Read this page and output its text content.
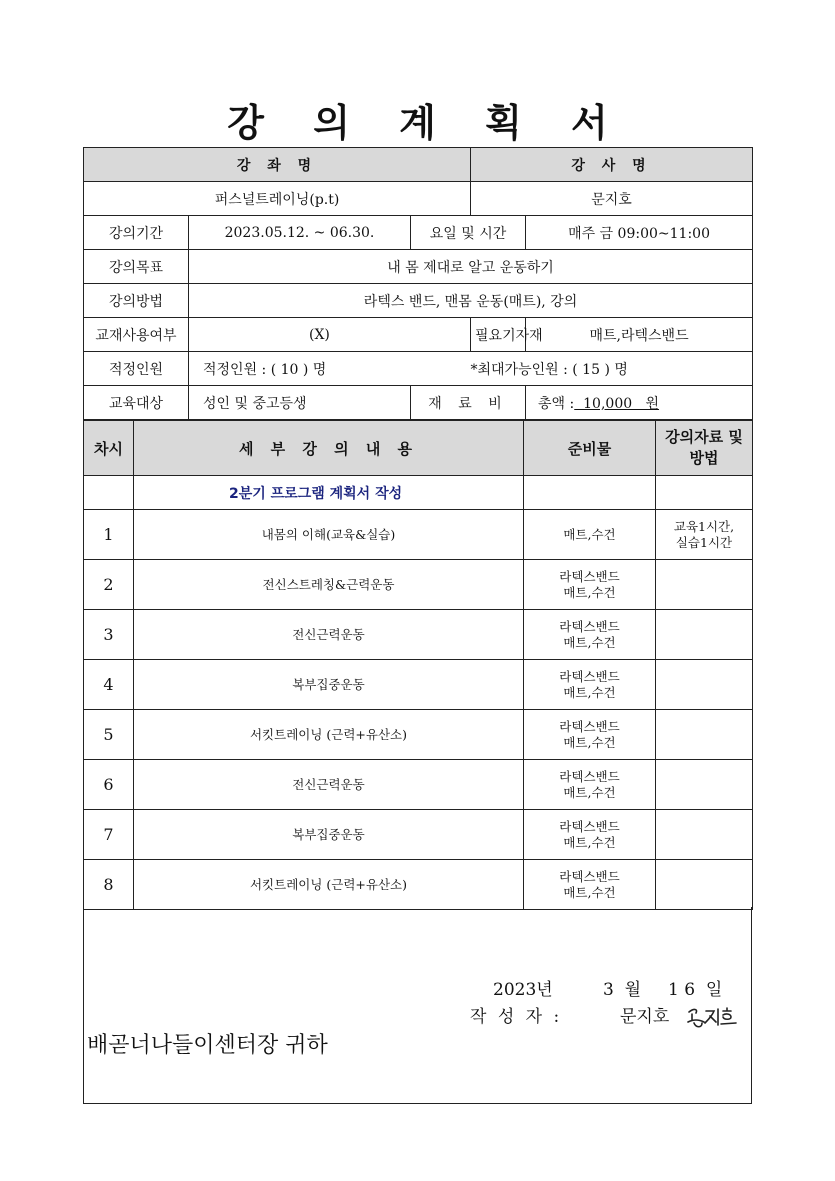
강 의 계 획 서
강 좌 명			강 사 명	
퍼스널트레이닝(p.t)			문지호	
강의기간	2023.05.12. ~ 06.30.	요일 및 시간		매주 금 09:00~11:00
강의목표	내 몸 제대로 알고 운동하기			
강의방법	라텍스 밴드, 맨몸 운동(매트), 강의			
교재사용여부	(X)		필요기자재	매트,라텍스밴드
적정인원	적정인원 : ( 10 ) 명	*최대가능인원 : ( 15 ) 명		
교육대상	성인 및 중고등생	재 료 비		총액 :  10,000   원
차시	세 부 강 의 내 용	준비물	강의자료 및 방법
	2분기 프로그램 계획서 작성		
1	내몸의 이해(교육&실습)	매트,수건	교육1시간,
실습1시간

2	전신스트레칭&근력운동	라텍스밴드
매트,수건	

3	전신근력운동	라텍스밴드
매트,수건	

4	복부집중운동	라텍스밴드
매트,수건	

5	서킷트레이닝 (근력+유산소)	라텍스밴드
매트,수건	

6	전신근력운동	라텍스밴드
매트,수건	

7	복부집중운동	라텍스밴드
매트,수건	

8	서킷트레이닝 (근력+유산소)	라텍스밴드
매트,수건	

2023년	3  월 1 6  일
작 성 자 :	문지호
배곧너나들이센터장 귀하
